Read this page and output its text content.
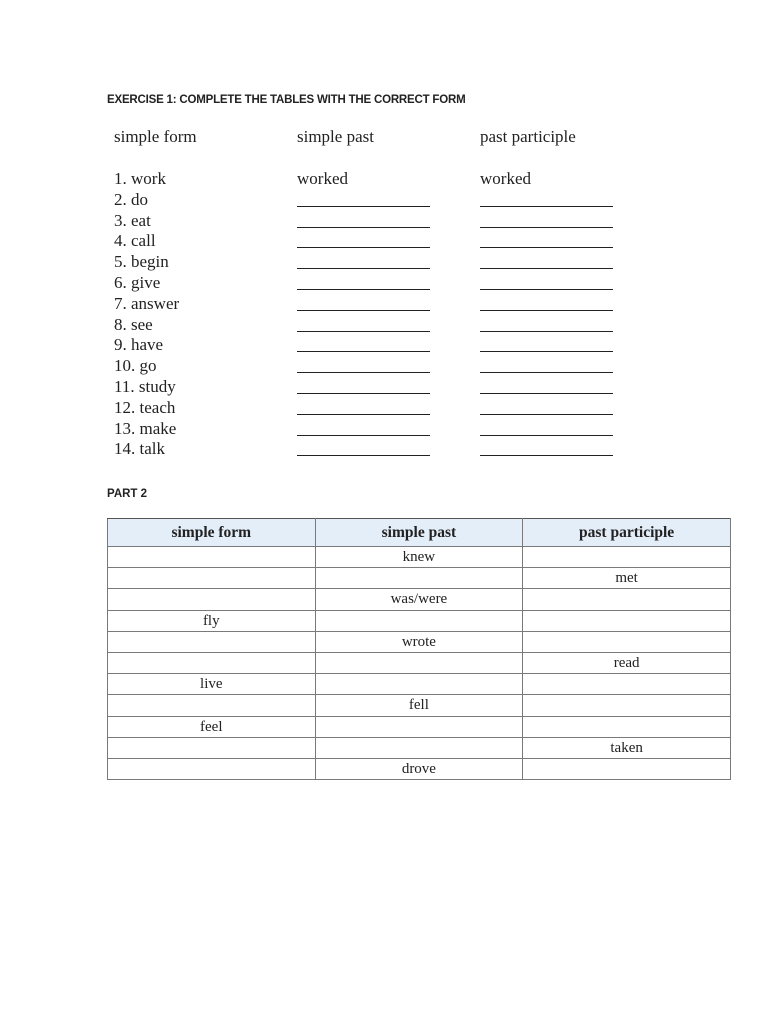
EXERCISE 1: COMPLETE THE TABLES WITH THE CORRECT FORM
simple form	simple past	past participle
1. work	worked	worked
2. do
3. eat
4. call
5. begin
6. give
7. answer
8. see
9. have
10. go
11. study
12. teach
13. make
14. talk
PART 2
simple form	simple past	past participle
	knew	
		met
	was/were	
fly		
	wrote	
		read
live		
	fell	
feel		
		taken
	drove	
